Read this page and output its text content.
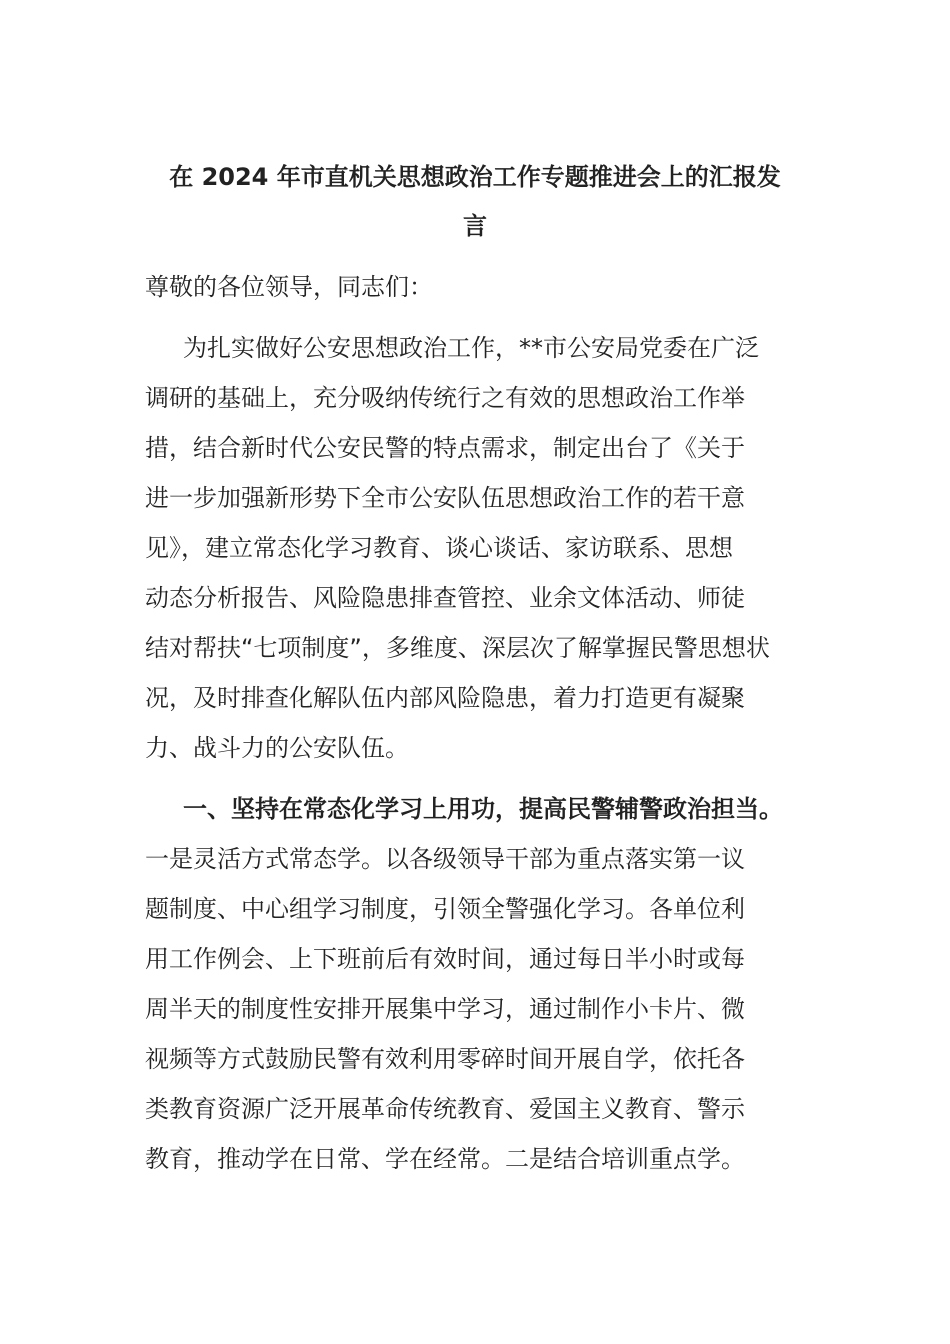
在 2024 年市直机关思想政治工作专题推进会上的汇报发
言
尊敬的各位领导，同志们：
为扎实做好公安思想政治工作，**市公安局党委在广泛
调研的基础上，充分吸纳传统行之有效的思想政治工作举
措，结合新时代公安民警的特点需求，制定出台了《关于
进一步加强新形势下全市公安队伍思想政治工作的若干意
见》，建立常态化学习教育、谈心谈话、家访联系、思想
动态分析报告、风险隐患排查管控、业余文体活动、师徒
结对帮扶“七项制度”，多维度、深层次了解掌握民警思想状
况，及时排查化解队伍内部风险隐患，着力打造更有凝聚
力、战斗力的公安队伍。
一、坚持在常态化学习上用功，提高民警辅警政治担当。
一是灵活方式常态学。以各级领导干部为重点落实第一议
题制度、中心组学习制度，引领全警强化学习。各单位利
用工作例会、上下班前后有效时间，通过每日半小时或每
周半天的制度性安排开展集中学习，通过制作小卡片、微
视频等方式鼓励民警有效利用零碎时间开展自学，依托各
类教育资源广泛开展革命传统教育、爱国主义教育、警示
教育，推动学在日常、学在经常。二是结合培训重点学。
